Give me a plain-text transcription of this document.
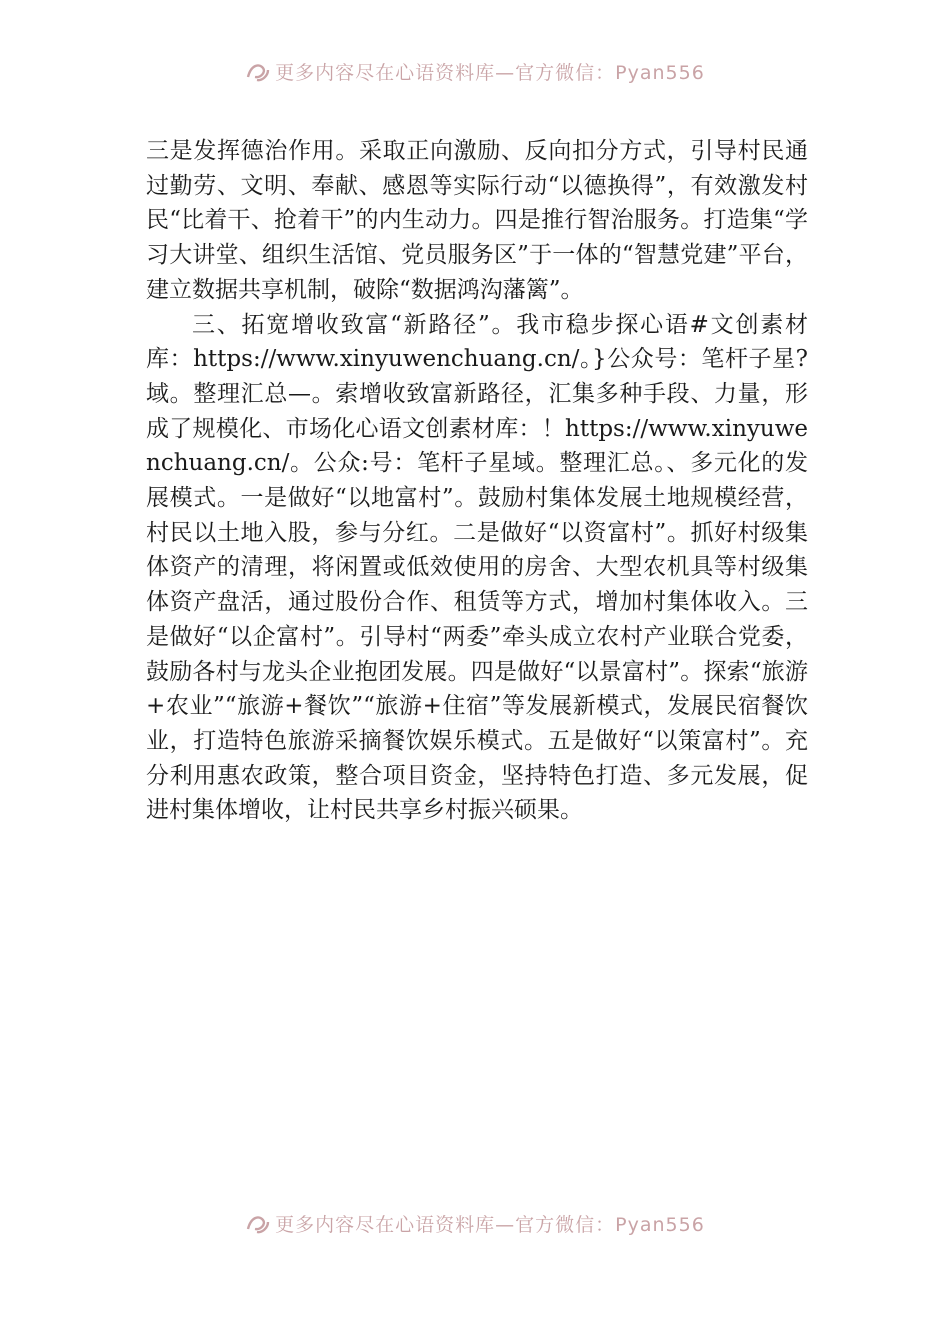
更多内容尽在心语资料库—官方微信：Pyan556

三是发挥德治作用。采取正向激励、反向扣分方式，引导村民通过勤劳、文明、奉献、感恩等实际行动“以德换得”，有效激发村民“比着干、抢着干”的内生动力。四是推行智治服务。打造集“学习大讲堂、组织生活馆、党员服务区”于一体的“智慧党建”平台，建立数据共享机制，破除“数据鸿沟藩篱”。

三、拓宽增收致富“新路径”。我市稳步探心语#文创素材库：https://www.xinyuwenchuang.cn/。}公众号：笔杆子星?域。整理汇总—。索增收致富新路径，汇集多种手段、力量，形成了规模化、市场化心语文创素材库：！https://www.xinyuwenchuang.cn/。公众:号：笔杆子星域。整理汇总。、多元化的发展模式。一是做好“以地富村”。鼓励村集体发展土地规模经营，村民以土地入股，参与分红。二是做好“以资富村”。抓好村级集体资产的清理，将闲置或低效使用的房舍、大型农机具等村级集体资产盘活，通过股份合作、租赁等方式，增加村集体收入。三是做好“以企富村”。引导村“两委”牵头成立农村产业联合党委，鼓励各村与龙头企业抱团发展。四是做好“以景富村”。探索“旅游+农业”“旅游+餐饮”“旅游+住宿”等发展新模式，发展民宿餐饮业，打造特色旅游采摘餐饮娱乐模式。五是做好“以策富村”。充分利用惠农政策，整合项目资金，坚持特色打造、多元发展，促进村集体增收，让村民共享乡村振兴硕果。

更多内容尽在心语资料库—官方微信：Pyan556
